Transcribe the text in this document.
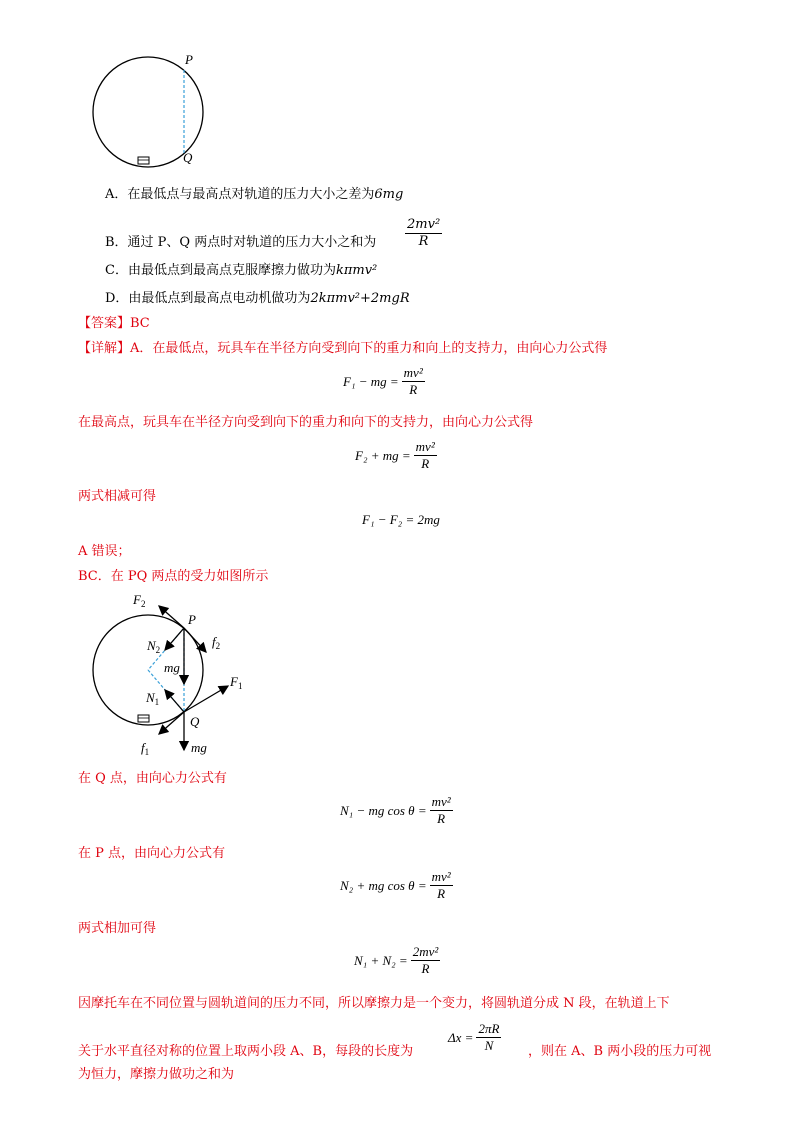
P
Q
A．在最低点与最高点对轨道的压力大小之差为6mg
B．通过 P、Q 两点时对轨道的压力大小之和为 $\frac{\text{2mv²}}{R}$
C．由最低点到最高点克服摩擦力做功为kπmv²
D．由最低点到最高点电动机做功为2kπmv²+2mgR
【答案】BC
【详解】A．在最低点，玩具车在半径方向受到向下的重力和向上的支持力，由向心力公式得
F₁ − mg = $\frac{\text{mv²}}{R}$
在最高点，玩具车在半径方向受到向下的重力和向下的支持力，由向心力公式得
F₂ + mg = $\frac{\text{mv²}}{R}$
两式相减可得
F₁ − F₂ = 2mg
A 错误；
BC．在 PQ 两点的受力如图所示
$F_2$
P
$N_2$
$f_2$
mg
$F_1$
$N_1$
Q
$f_1$	mg
在 Q 点，由向心力公式有
N₁ − mg $\cos \theta = \frac{\text{mv²}}{R}$
在 P 点，由向心力公式有
N₂ + mg $\cos \theta = \frac{\text{mv²}}{R}$
两式相加可得
$N_1 + N_2 = \frac{\text{2mv²}}{R}$
因摩托车在不同位置与圆轨道间的压力不同，所以摩擦力是一个变力，将圆轨道分成 N 段，在轨道上下
关于水平直径对称的位置上取两小段 A、B，每段的长度为
$\Delta x = \frac{2\pi R}{N}$ ，则在 A、B 两小段的压力可视
为恒力，摩擦力做功之和为
